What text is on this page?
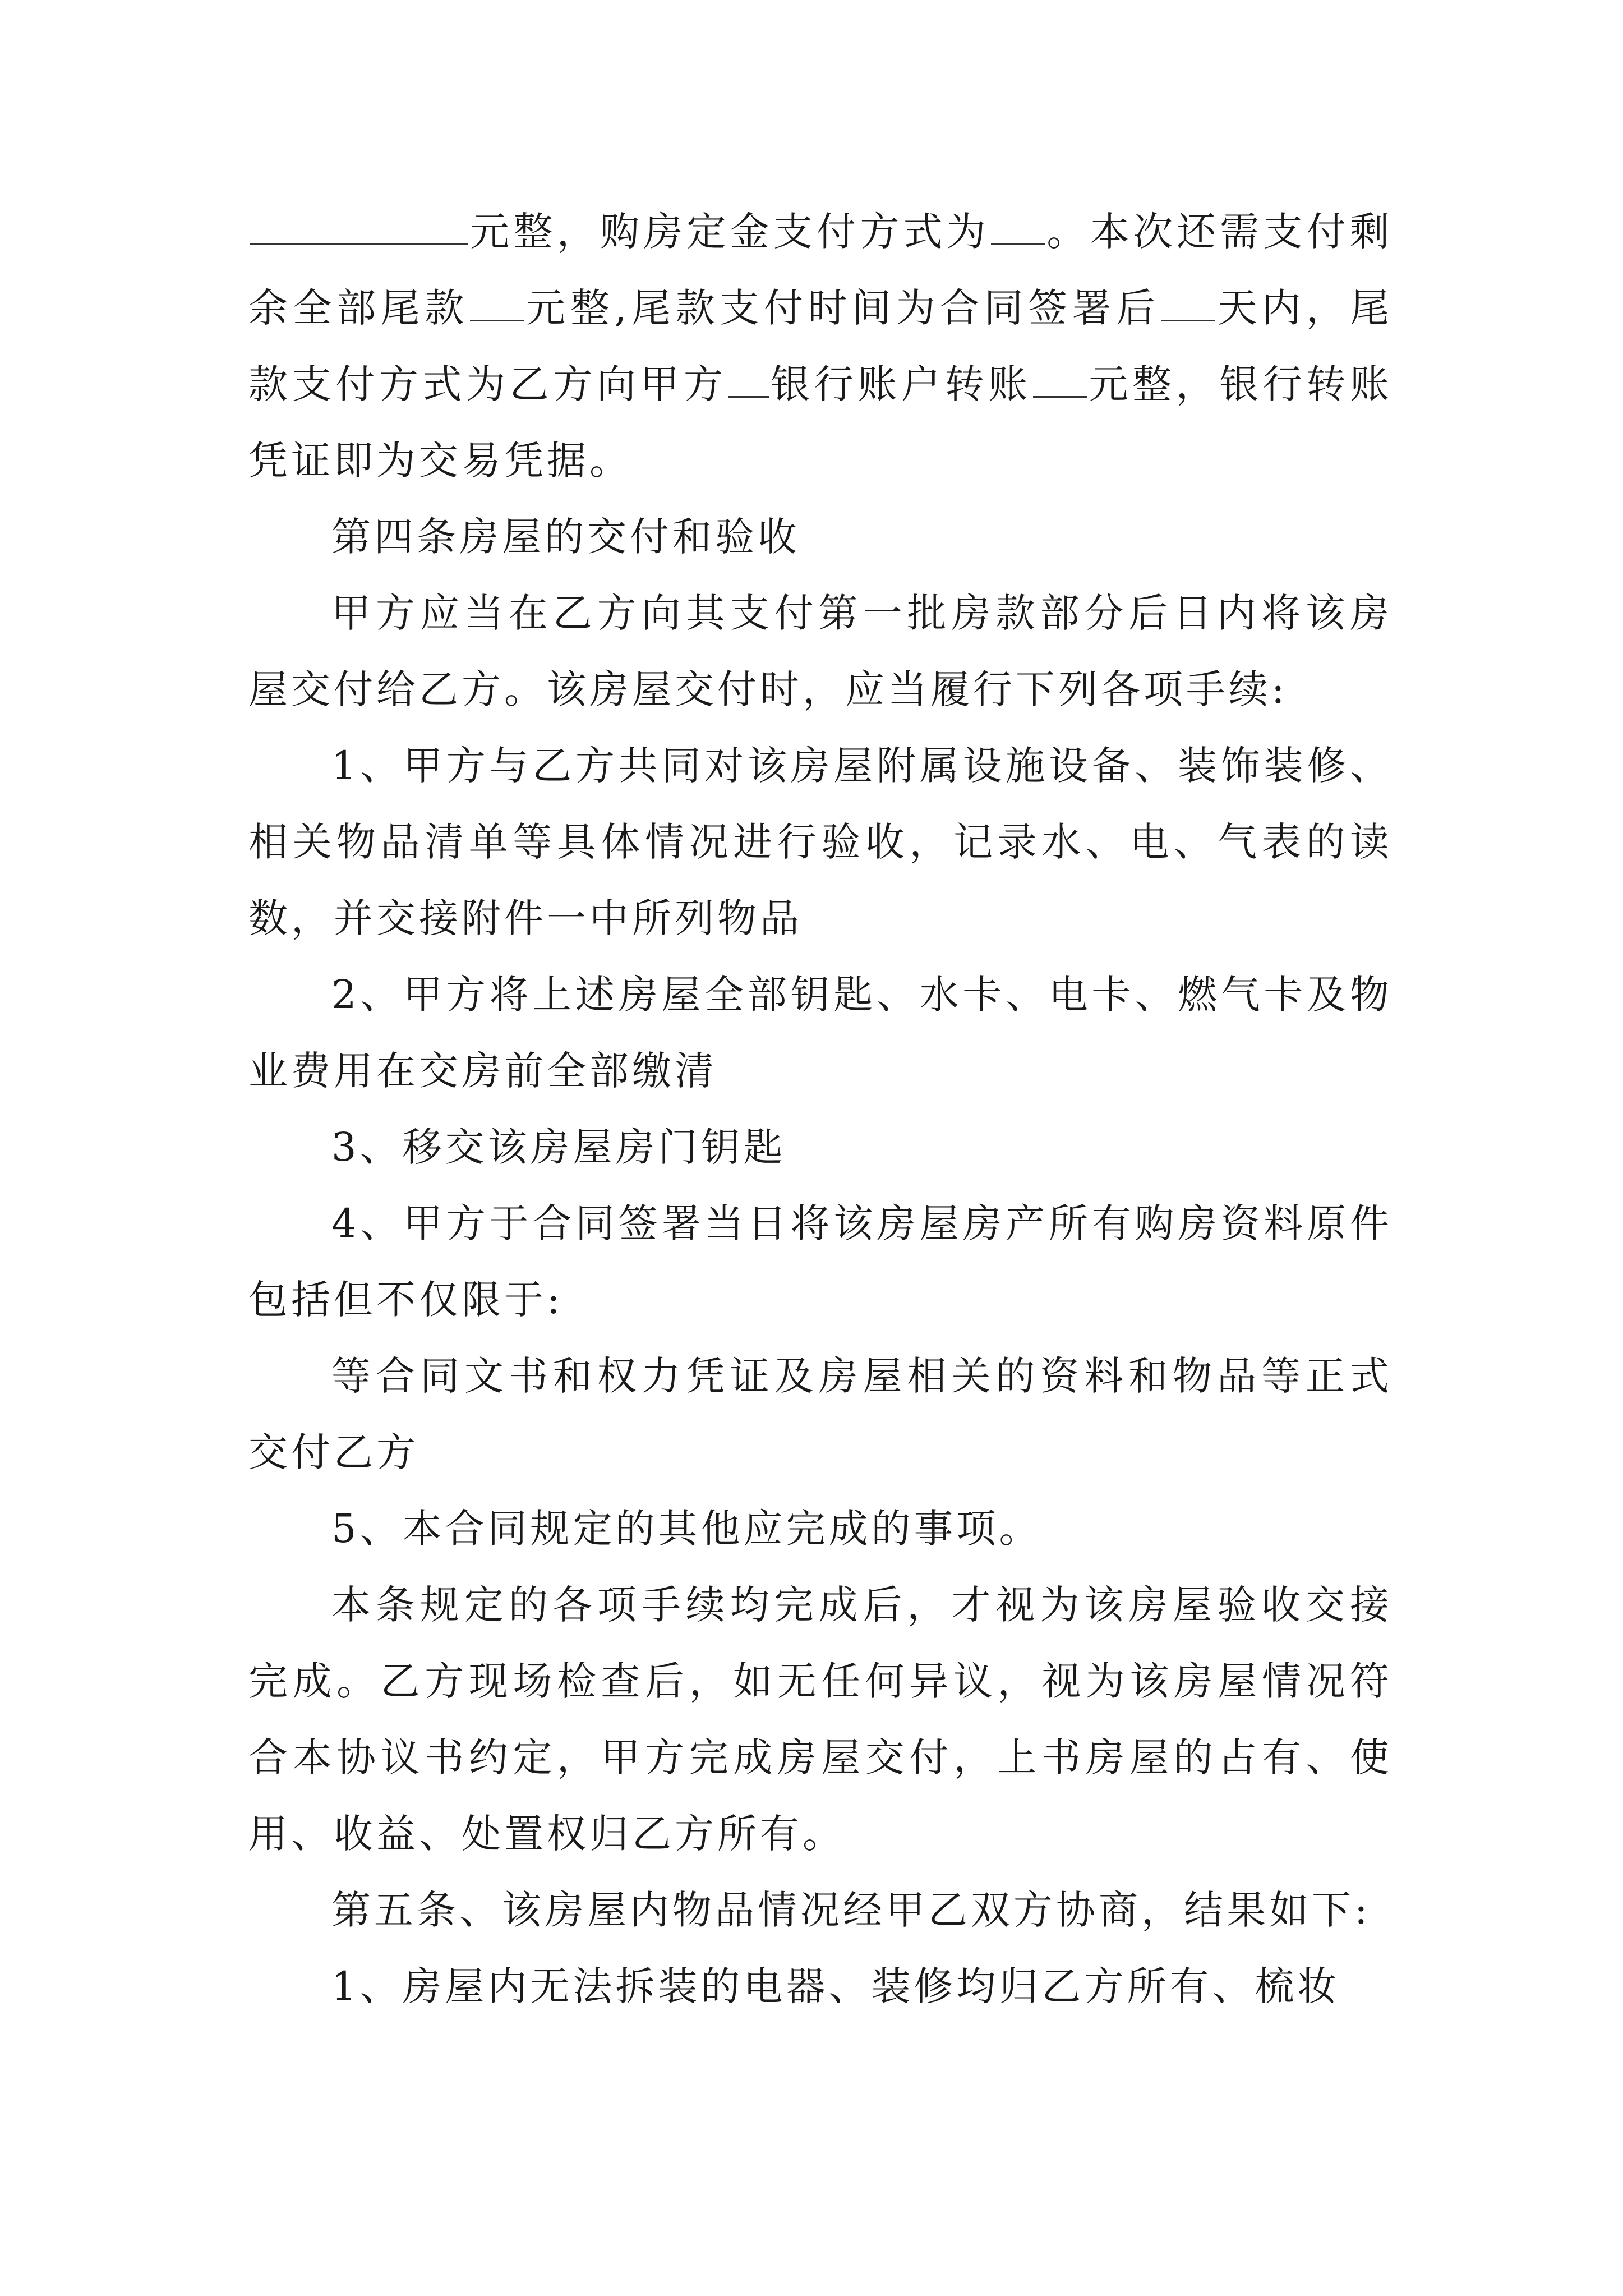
元整，购房定金支付方式为 。本次还需支付剩余全部尾款 元整,尾款支付时间为合同签署后 天内，尾款支付方式为乙方向甲方 银行账户转账 元整，银行转账凭证即为交易凭据。

第四条房屋的交付和验收

甲方应当在乙方向其支付第一批房款部分后日内将该房屋交付给乙方。该房屋交付时，应当履行下列各项手续:

1、甲方与乙方共同对该房屋附属设施设备、装饰装修、相关物品清单等具体情况进行验收，记录水、电、气表的读数，并交接附件一中所列物品

2、甲方将上述房屋全部钥匙、水卡、电卡、燃气卡及物业费用在交房前全部缴清

3、移交该房屋房门钥匙

4、甲方于合同签署当日将该房屋房产所有购房资料原件包括但不仅限于:

等合同文书和权力凭证及房屋相关的资料和物品等正式交付乙方

5、本合同规定的其他应完成的事项。

本条规定的各项手续均完成后，才视为该房屋验收交接完成。乙方现场检查后，如无任何异议，视为该房屋情况符合本协议书约定，甲方完成房屋交付，上书房屋的占有、使用、收益、处置权归乙方所有。

第五条、该房屋内物品情况经甲乙双方协商，结果如下:

1、房屋内无法拆装的电器、装修均归乙方所有、梳妆
